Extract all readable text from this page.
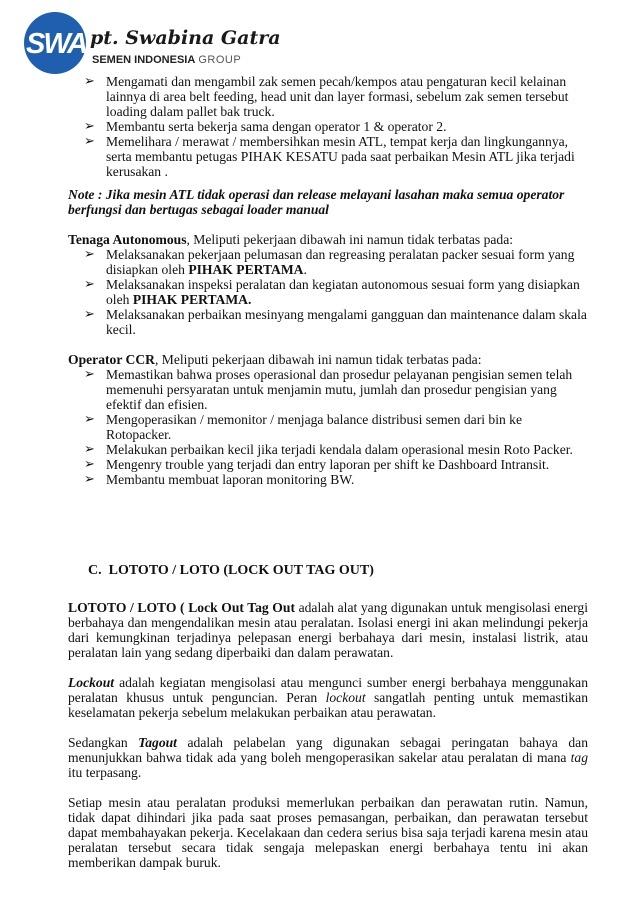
SWA pt. Swabina Gatra
SEMEN INDONESIA GROUP
➢ Mengamati dan mengambil zak semen pecah/kempos atau pengaturan kecil kelainan lainnya di area belt feeding, head unit dan layer formasi, sebelum zak semen tersebut loading dalam pallet bak truck.
➢ Membantu serta bekerja sama dengan operator 1 & operator 2.
➢ Memelihara / merawat / membersihkan mesin ATL, tempat kerja dan lingkungannya, serta membantu petugas PIHAK KESATU pada saat perbaikan Mesin ATL jika terjadi kerusakan .

Note : Jika mesin ATL tidak operasi dan release melayani lasahan maka semua operator berfungsi dan bertugas sebagai loader manual

Tenaga Autonomous, Meliputi pekerjaan dibawah ini namun tidak terbatas pada:

➢ Melaksanakan pekerjaan pelumasan dan regreasing peralatan packer sesuai form yang disiapkan oleh PIHAK PERTAMA.
➢ Melaksanakan inspeksi peralatan dan kegiatan autonomous sesuai form yang disiapkan oleh PIHAK PERTAMA.
➢ Melaksanakan perbaikan mesinyang mengalami gangguan dan maintenance dalam skala kecil.

Operator CCR, Meliputi pekerjaan dibawah ini namun tidak terbatas pada:

➢ Memastikan bahwa proses operasional dan prosedur pelayanan pengisian semen telah memenuhi persyaratan untuk menjamin mutu, jumlah dan prosedur pengisian yang efektif dan efisien.
➢ Mengoperasikan / memonitor / menjaga balance distribusi semen dari bin ke Rotopacker.
➢ Melakukan perbaikan kecil jika terjadi kendala dalam operasional mesin Roto Packer.
➢ Mengenry trouble yang terjadi dan entry laporan per shift ke Dashboard Intransit.
➢ Membantu membuat laporan monitoring BW.

C.  LOTOTO / LOTO (LOCK OUT TAG OUT)

LOTOTO / LOTO ( Lock Out Tag Out adalah alat yang digunakan untuk mengisolasi energi berbahaya dan mengendalikan mesin atau peralatan. Isolasi energi ini akan melindungi pekerja dari kemungkinan terjadinya pelepasan energi berbahaya dari mesin, instalasi listrik, atau peralatan lain yang sedang diperbaiki dan dalam perawatan.

Lockout adalah kegiatan mengisolasi atau mengunci sumber energi berbahaya menggunakan peralatan khusus untuk penguncian. Peran lockout sangatlah penting untuk memastikan keselamatan pekerja sebelum melakukan perbaikan atau perawatan.

Sedangkan Tagout adalah pelabelan yang digunakan sebagai peringatan bahaya dan menunjukkan bahwa tidak ada yang boleh mengoperasikan sakelar atau peralatan di mana tag itu terpasang.

Setiap mesin atau peralatan produksi memerlukan perbaikan dan perawatan rutin. Namun, tidak dapat dihindari jika pada saat proses pemasangan, perbaikan, dan perawatan tersebut dapat membahayakan pekerja. Kecelakaan dan cedera serius bisa saja terjadi karena mesin atau peralatan tersebut secara tidak sengaja melepaskan energi berbahaya tentu ini akan memberikan dampak buruk.
